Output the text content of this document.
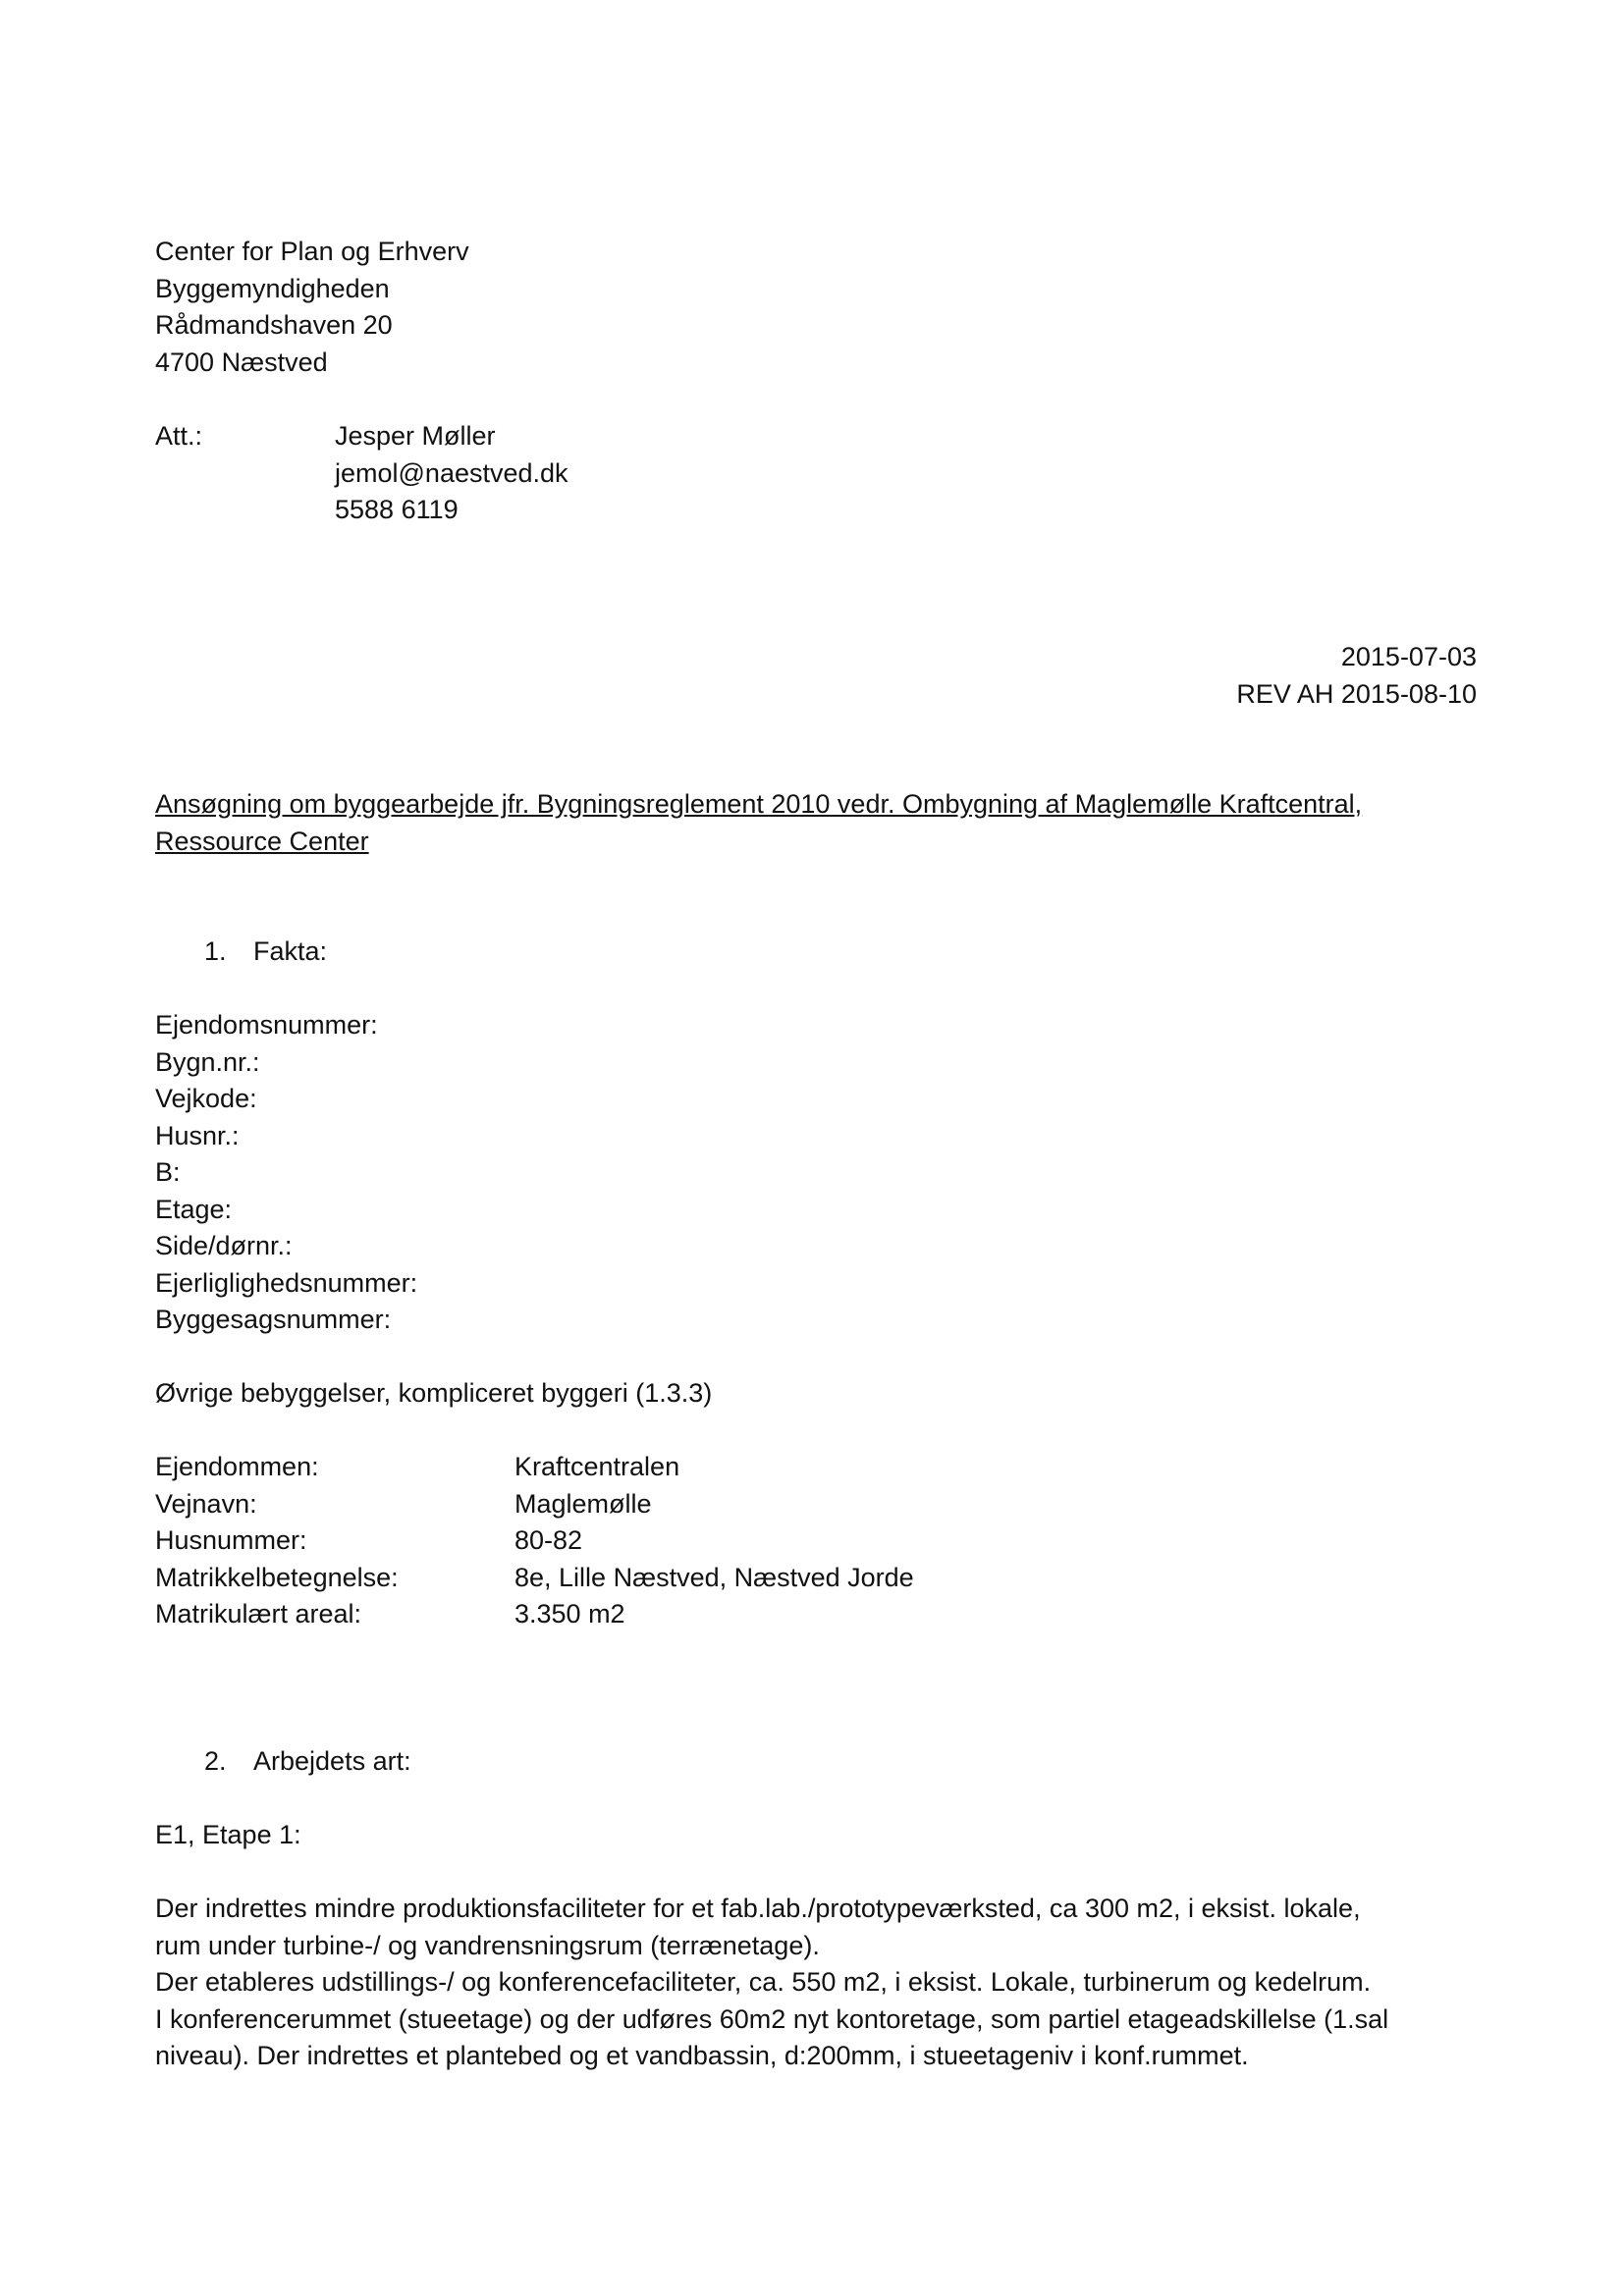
Center for Plan og Erhverv
Byggemyndigheden
Rådmandshaven 20
4700 Næstved
Att.:	Jesper Møller
jemol@naestved.dk
5588 6119
2015-07-03
REV AH 2015-08-10
Ansøgning om byggearbejde jfr. Bygningsreglement 2010 vedr. Ombygning af Maglemølle Kraftcentral,
Ressource Center
1. Fakta:
Ejendomsnummer:
Bygn.nr.:
Vejkode:
Husnr.:
B:
Etage:
Side/dørnr.:
Ejerliglighedsnummer:
Byggesagsnummer:
Øvrige bebyggelser, kompliceret byggeri (1.3.3)
Ejendommen:
Vejnavn:
Husnummer:
Matrikkelbetegnelse:
Matrikulært areal:
Kraftcentralen
Maglemølle
80-82
8e, Lille Næstved, Næstved Jorde
3.350 m2
2. Arbejdets art:
E1, Etape 1:
Der indrettes mindre produktionsfaciliteter for et fab.lab./prototypeværksted, ca 300 m2, i eksist. lokale,
rum under turbine-/ og vandrensningsrum (terrænetage).
Der etableres udstillings-/ og konferencefaciliteter, ca. 550 m2, i eksist. Lokale, turbinerum og kedelrum.
I konferencerummet (stueetage) og der udføres 60m2 nyt kontoretage, som partiel etageadskillelse (1.sal
niveau). Der indrettes et plantebed og et vandbassin, d:200mm, i stueetageniv i konf.rummet.
